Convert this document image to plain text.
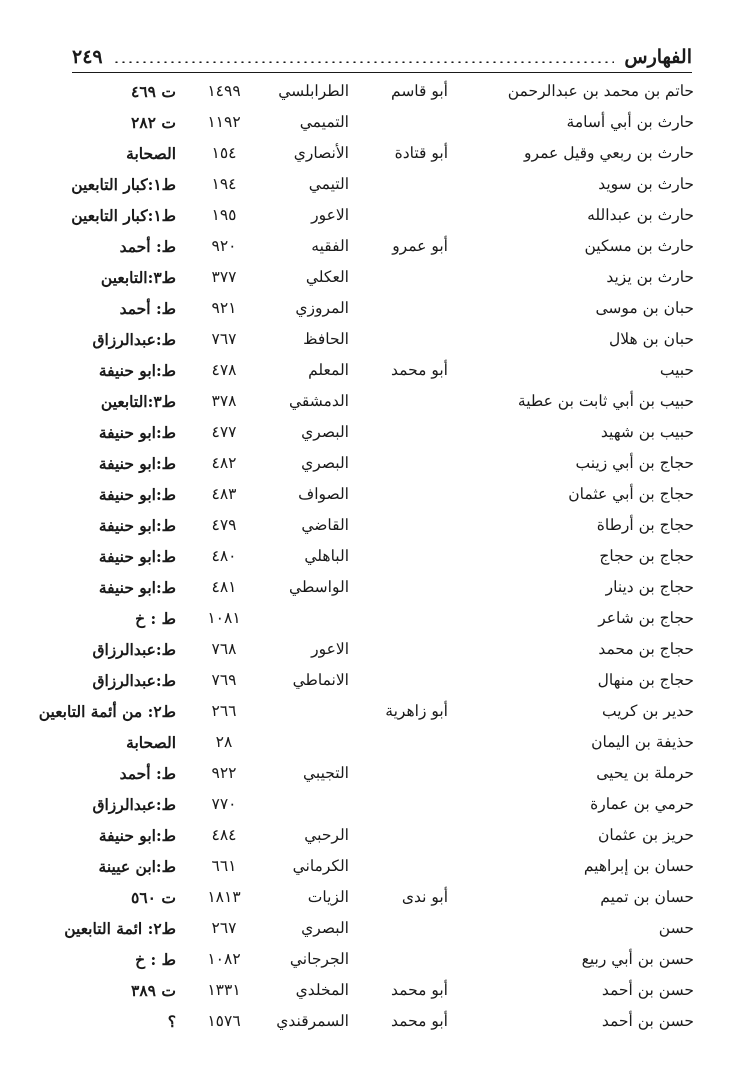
الفهارس
٢٤٩
حاتم بن محمد بن عبدالرحمن
أبو قاسم
الطرابلسي
١٤٩٩
ت ٤٦٩
حارث بن أبي أسامة
التميمي
١١٩٢
ت ٢٨٢
حارث بن ربعي وقيل عمرو
أبو قتادة
الأنصاري
١٥٤
الصحابة
حارث بن سويد
التيمي
١٩٤
ط١:كبار التابعين
حارث بن عبدالله
الاعور
١٩٥
ط١:كبار التابعين
حارث بن مسكين
أبو عمرو
الفقيه
٩٢٠
ط: أحمد
حارث بن يزيد
العكلي
٣٧٧
ط٣:التابعين
حبان بن موسى
المروزي
٩٢١
ط: أحمد
حبان بن هلال
الحافظ
٧٦٧
ط:عبدالرزاق
حبيب
أبو محمد
المعلم
٤٧٨
ط:ابو حنيفة
حبيب بن أبي ثابت بن عطية
الدمشقي
٣٧٨
ط٣:التابعين
حبيب بن شهيد
البصري
٤٧٧
ط:ابو حنيفة
حجاج بن أبي زينب
البصري
٤٨٢
ط:ابو حنيفة
حجاج بن أبي عثمان
الصواف
٤٨٣
ط:ابو حنيفة
حجاج بن أرطاة
القاضي
٤٧٩
ط:ابو حنيفة
حجاج بن حجاج
الباهلي
٤٨٠
ط:ابو حنيفة
حجاج بن دينار
الواسطي
٤٨١
ط:ابو حنيفة
حجاج بن شاعر
١٠٨١
ط : خ
حجاج بن محمد
الاعور
٧٦٨
ط:عبدالرزاق
حجاج بن منهال
الانماطي
٧٦٩
ط:عبدالرزاق
حدير بن كريب
أبو زاهرية
٢٦٦
ط٢: من أئمة التابعين
حذيفة بن اليمان
٢٨
الصحابة
حرملة بن يحيى
التجيبي
٩٢٢
ط: أحمد
حرمي بن عمارة
٧٧٠
ط:عبدالرزاق
حريز بن عثمان
الرحبي
٤٨٤
ط:ابو حنيفة
حسان بن إبراهيم
الكرماني
٦٦١
ط:ابن عيينة
حسان بن تميم
أبو ندى
الزيات
١٨١٣
ت ٥٦٠
حسن
البصري
٢٦٧
ط٢: ائمة التابعين
حسن بن أبي ربيع
الجرجاني
١٠٨٢
ط : خ
حسن بن أحمد
أبو محمد
المخلدي
١٣٣١
ت ٣٨٩
حسن بن أحمد
أبو محمد
السمرقندي
١٥٧٦
؟
